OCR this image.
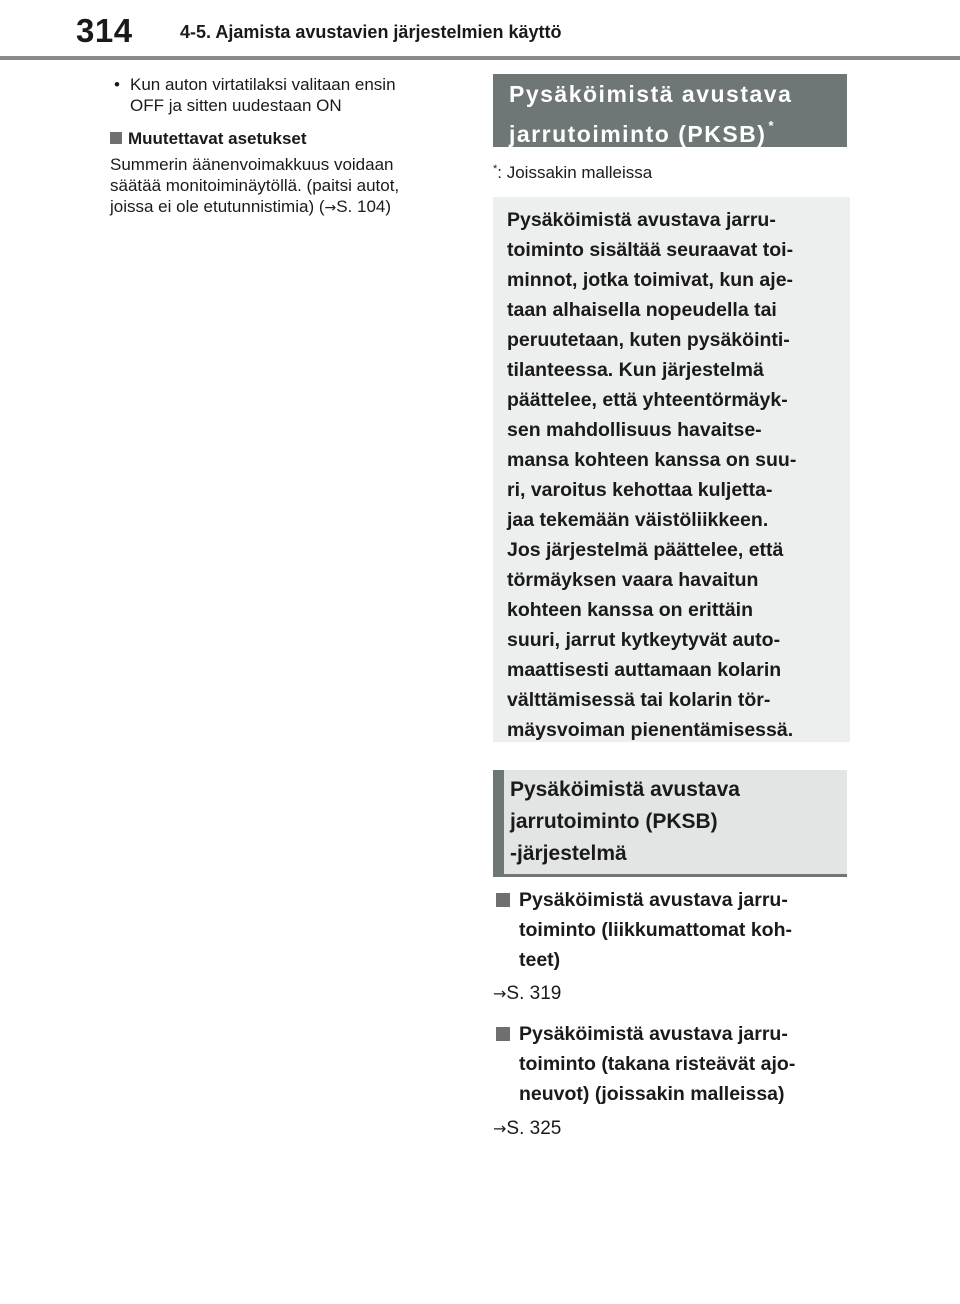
314	4-5. Ajamista avustavien järjestelmien käyttö
• Kun auton virtatilaksi valitaan ensin
OFF ja sitten uudestaan ON
Muutettavat asetukset
Summerin äänenvoimakkuus voidaan
säätää monitoiminäytöllä. (paitsi autot,
joissa ei ole etutunnistimia) (→S. 104)
Pysäköimistä avustava
jarrutoiminto (PKSB) *
*: Joissakin malleissa
Pysäköimistä avustava jarru-
toiminto sisältää seuraavat toi-
minnot, jotka toimivat, kun aje-
taan alhaisella nopeudella tai
peruutetaan, kuten pysäköinti-
tilanteessa. Kun järjestelmä
päättelee, että yhteentörmäyk-
sen mahdollisuus havaitse-
mansa kohteen kanssa on suu-
ri, varoitus kehottaa kuljetta-
jaa tekemään väistöliikkeen.
Jos järjestelmä päättelee, että
törmäyksen vaara havaitun
kohteen kanssa on erittäin
suuri, jarrut kytkeytyvät auto-
maattisesti auttamaan kolarin
välttämisessä tai kolarin tör-
mäysvoiman pienentämisessä.
Pysäköimistä avustava
jarrutoiminto (PKSB)
-järjestelmä
Pysäköimistä avustava jarru-
toiminto (liikkumattomat koh-
teet)
→S. 319
Pysäköimistä avustava jarru-
toiminto (takana risteävät ajo-
neuvot) (joissakin malleissa)
→S. 325
